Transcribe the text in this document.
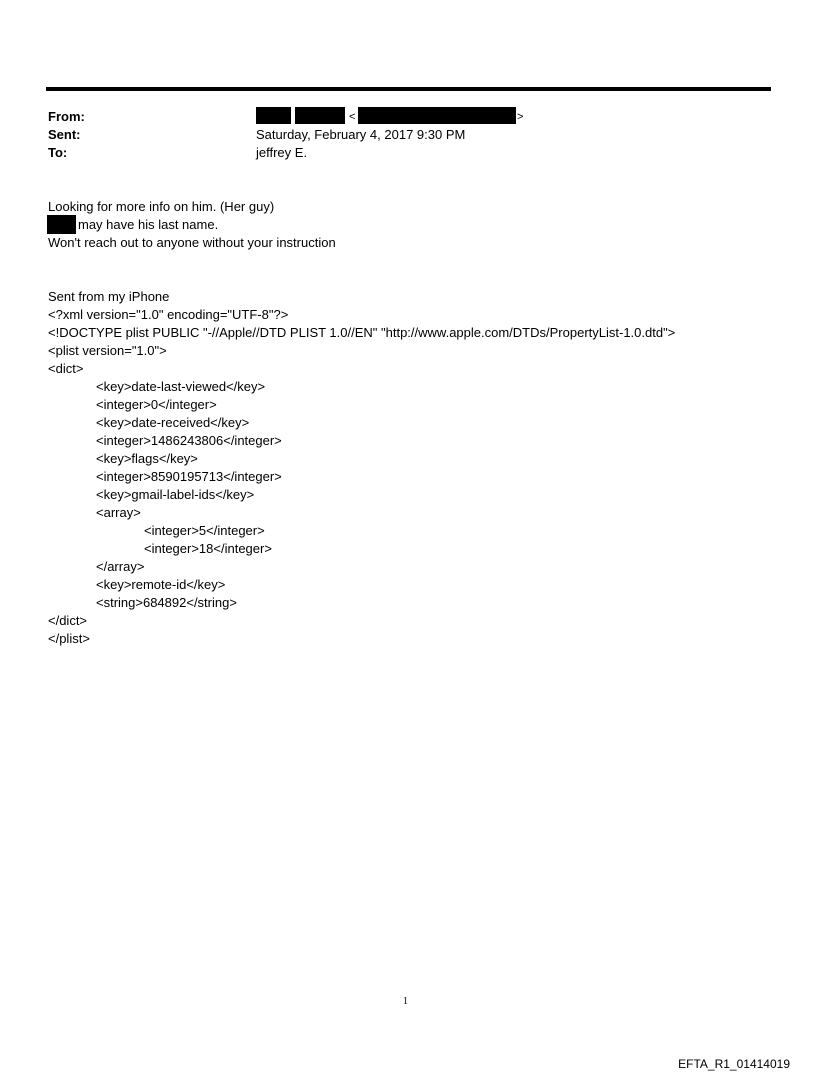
From:
Sent:
To:
<	>
Saturday, February 4, 2017 9:30 PM
jeffrey E.
Looking for more info on him. (Her guy)
may have his last name.
Won't reach out to anyone without your instruction
Sent from my iPhone
<?xml version="1.0" encoding="UTF-8"?>
<!DOCTYPE plist PUBLIC "-//Apple//DTD PLIST 1.0//EN" "http://www.apple.com/DTDs/PropertyList-1.0.dtd">
<plist version="1.0">
<dict>
<key>date-last-viewed</key>
<integer>0</integer>
<key>date-received</key>
<integer>1486243806</integer>
<key>flags</key>
<integer>8590195713</integer>
<key>gmail-label-ids</key>
<array>
<integer>5</integer>
<integer>18</integer>
</array>
<key>remote-id</key>
<string>684892</string>
</dict>
</plist>
1
EFTA_R1_01414019
